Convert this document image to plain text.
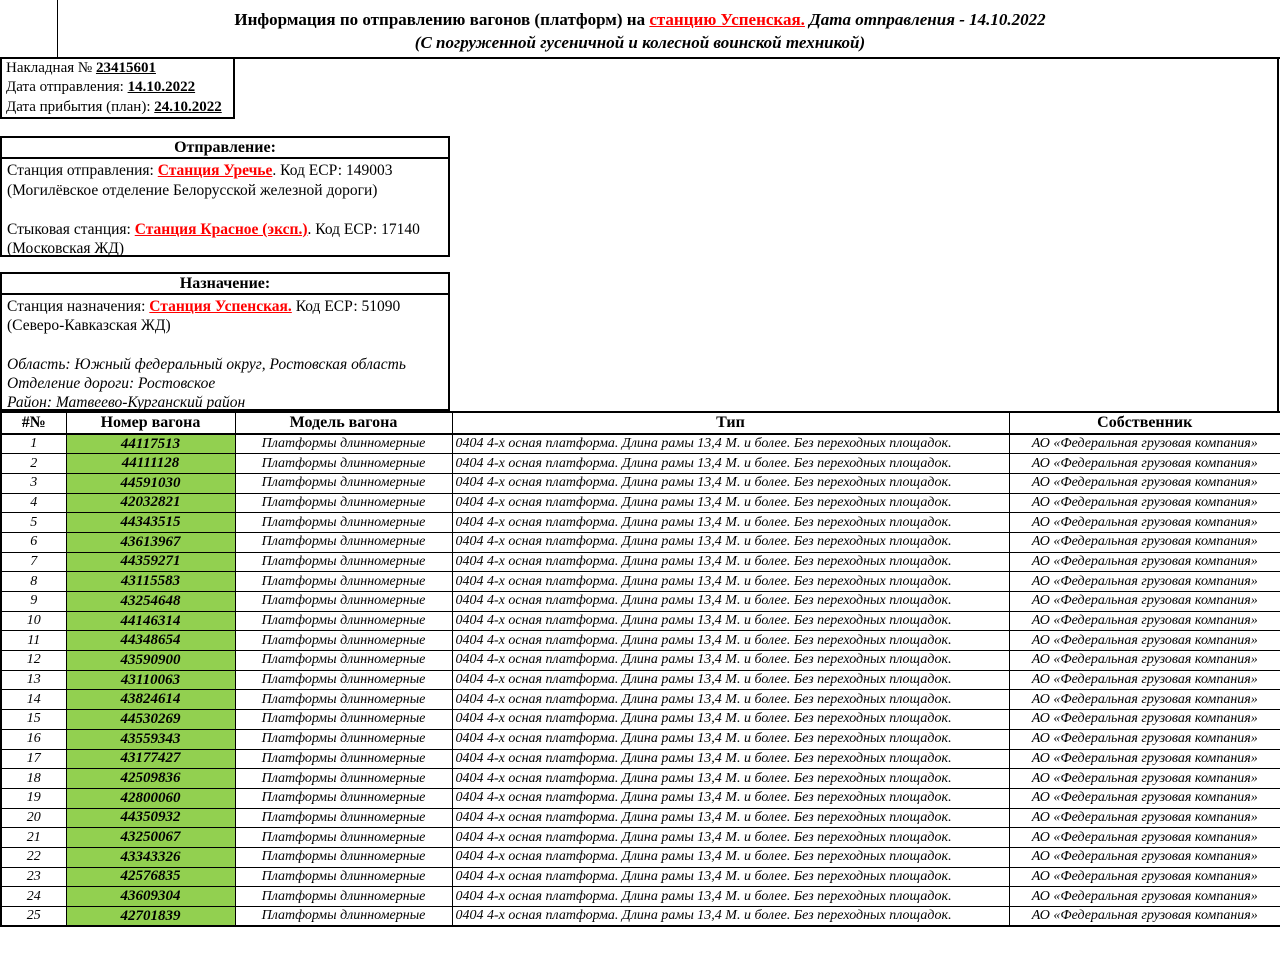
Информация по отправлению вагонов (платформ) на станцию Успенская. Дата отправления - 14.10.2022
(С погруженной гусеничной и колесной воинской техникой)
Накладная № 23415601
Дата отправления: 14.10.2022
Дата прибытия (план): 24.10.2022
Отправление:
Станция отправления: Станция Уречье. Код ЕСР: 149003
(Могилёвское отделение Белорусской железной дороги)

Стыковая станция: Станция Красное (эксп.). Код ЕСР: 17140
(Московская ЖД)
Назначение:
Станция назначения: Станция Успенская. Код ЕСР: 51090
(Северо-Кавказская ЖД)

Область: Южный федеральный округ, Ростовская область
Отделение дороги: Ростовское
Район: Матвеево-Курганский район
#№	Номер вагона	Модель вагона	Тип	Собственник
1	44117513	Платформы длинномерные	0404 4-х осная платформа. Длина рамы 13,4 М. и более. Без переходных площадок.	АО «Федеральная грузовая компания»
2	44111128	Платформы длинномерные	0404 4-х осная платформа. Длина рамы 13,4 М. и более. Без переходных площадок.	АО «Федеральная грузовая компания»
3	44591030	Платформы длинномерные	0404 4-х осная платформа. Длина рамы 13,4 М. и более. Без переходных площадок.	АО «Федеральная грузовая компания»
4	42032821	Платформы длинномерные	0404 4-х осная платформа. Длина рамы 13,4 М. и более. Без переходных площадок.	АО «Федеральная грузовая компания»
5	44343515	Платформы длинномерные	0404 4-х осная платформа. Длина рамы 13,4 М. и более. Без переходных площадок.	АО «Федеральная грузовая компания»
6	43613967	Платформы длинномерные	0404 4-х осная платформа. Длина рамы 13,4 М. и более. Без переходных площадок.	АО «Федеральная грузовая компания»
7	44359271	Платформы длинномерные	0404 4-х осная платформа. Длина рамы 13,4 М. и более. Без переходных площадок.	АО «Федеральная грузовая компания»
8	43115583	Платформы длинномерные	0404 4-х осная платформа. Длина рамы 13,4 М. и более. Без переходных площадок.	АО «Федеральная грузовая компания»
9	43254648	Платформы длинномерные	0404 4-х осная платформа. Длина рамы 13,4 М. и более. Без переходных площадок.	АО «Федеральная грузовая компания»
10	44146314	Платформы длинномерные	0404 4-х осная платформа. Длина рамы 13,4 М. и более. Без переходных площадок.	АО «Федеральная грузовая компания»
11	44348654	Платформы длинномерные	0404 4-х осная платформа. Длина рамы 13,4 М. и более. Без переходных площадок.	АО «Федеральная грузовая компания»
12	43590900	Платформы длинномерные	0404 4-х осная платформа. Длина рамы 13,4 М. и более. Без переходных площадок.	АО «Федеральная грузовая компания»
13	43110063	Платформы длинномерные	0404 4-х осная платформа. Длина рамы 13,4 М. и более. Без переходных площадок.	АО «Федеральная грузовая компания»
14	43824614	Платформы длинномерные	0404 4-х осная платформа. Длина рамы 13,4 М. и более. Без переходных площадок.	АО «Федеральная грузовая компания»
15	44530269	Платформы длинномерные	0404 4-х осная платформа. Длина рамы 13,4 М. и более. Без переходных площадок.	АО «Федеральная грузовая компания»
16	43559343	Платформы длинномерные	0404 4-х осная платформа. Длина рамы 13,4 М. и более. Без переходных площадок.	АО «Федеральная грузовая компания»
17	43177427	Платформы длинномерные	0404 4-х осная платформа. Длина рамы 13,4 М. и более. Без переходных площадок.	АО «Федеральная грузовая компания»
18	42509836	Платформы длинномерные	0404 4-х осная платформа. Длина рамы 13,4 М. и более. Без переходных площадок.	АО «Федеральная грузовая компания»
19	42800060	Платформы длинномерные	0404 4-х осная платформа. Длина рамы 13,4 М. и более. Без переходных площадок.	АО «Федеральная грузовая компания»
20	44350932	Платформы длинномерные	0404 4-х осная платформа. Длина рамы 13,4 М. и более. Без переходных площадок.	АО «Федеральная грузовая компания»
21	43250067	Платформы длинномерные	0404 4-х осная платформа. Длина рамы 13,4 М. и более. Без переходных площадок.	АО «Федеральная грузовая компания»
22	43343326	Платформы длинномерные	0404 4-х осная платформа. Длина рамы 13,4 М. и более. Без переходных площадок.	АО «Федеральная грузовая компания»
23	42576835	Платформы длинномерные	0404 4-х осная платформа. Длина рамы 13,4 М. и более. Без переходных площадок.	АО «Федеральная грузовая компания»
24	43609304	Платформы длинномерные	0404 4-х осная платформа. Длина рамы 13,4 М. и более. Без переходных площадок.	АО «Федеральная грузовая компания»
25	42701839	Платформы длинномерные	0404 4-х осная платформа. Длина рамы 13,4 М. и более. Без переходных площадок.	АО «Федеральная грузовая компания»
